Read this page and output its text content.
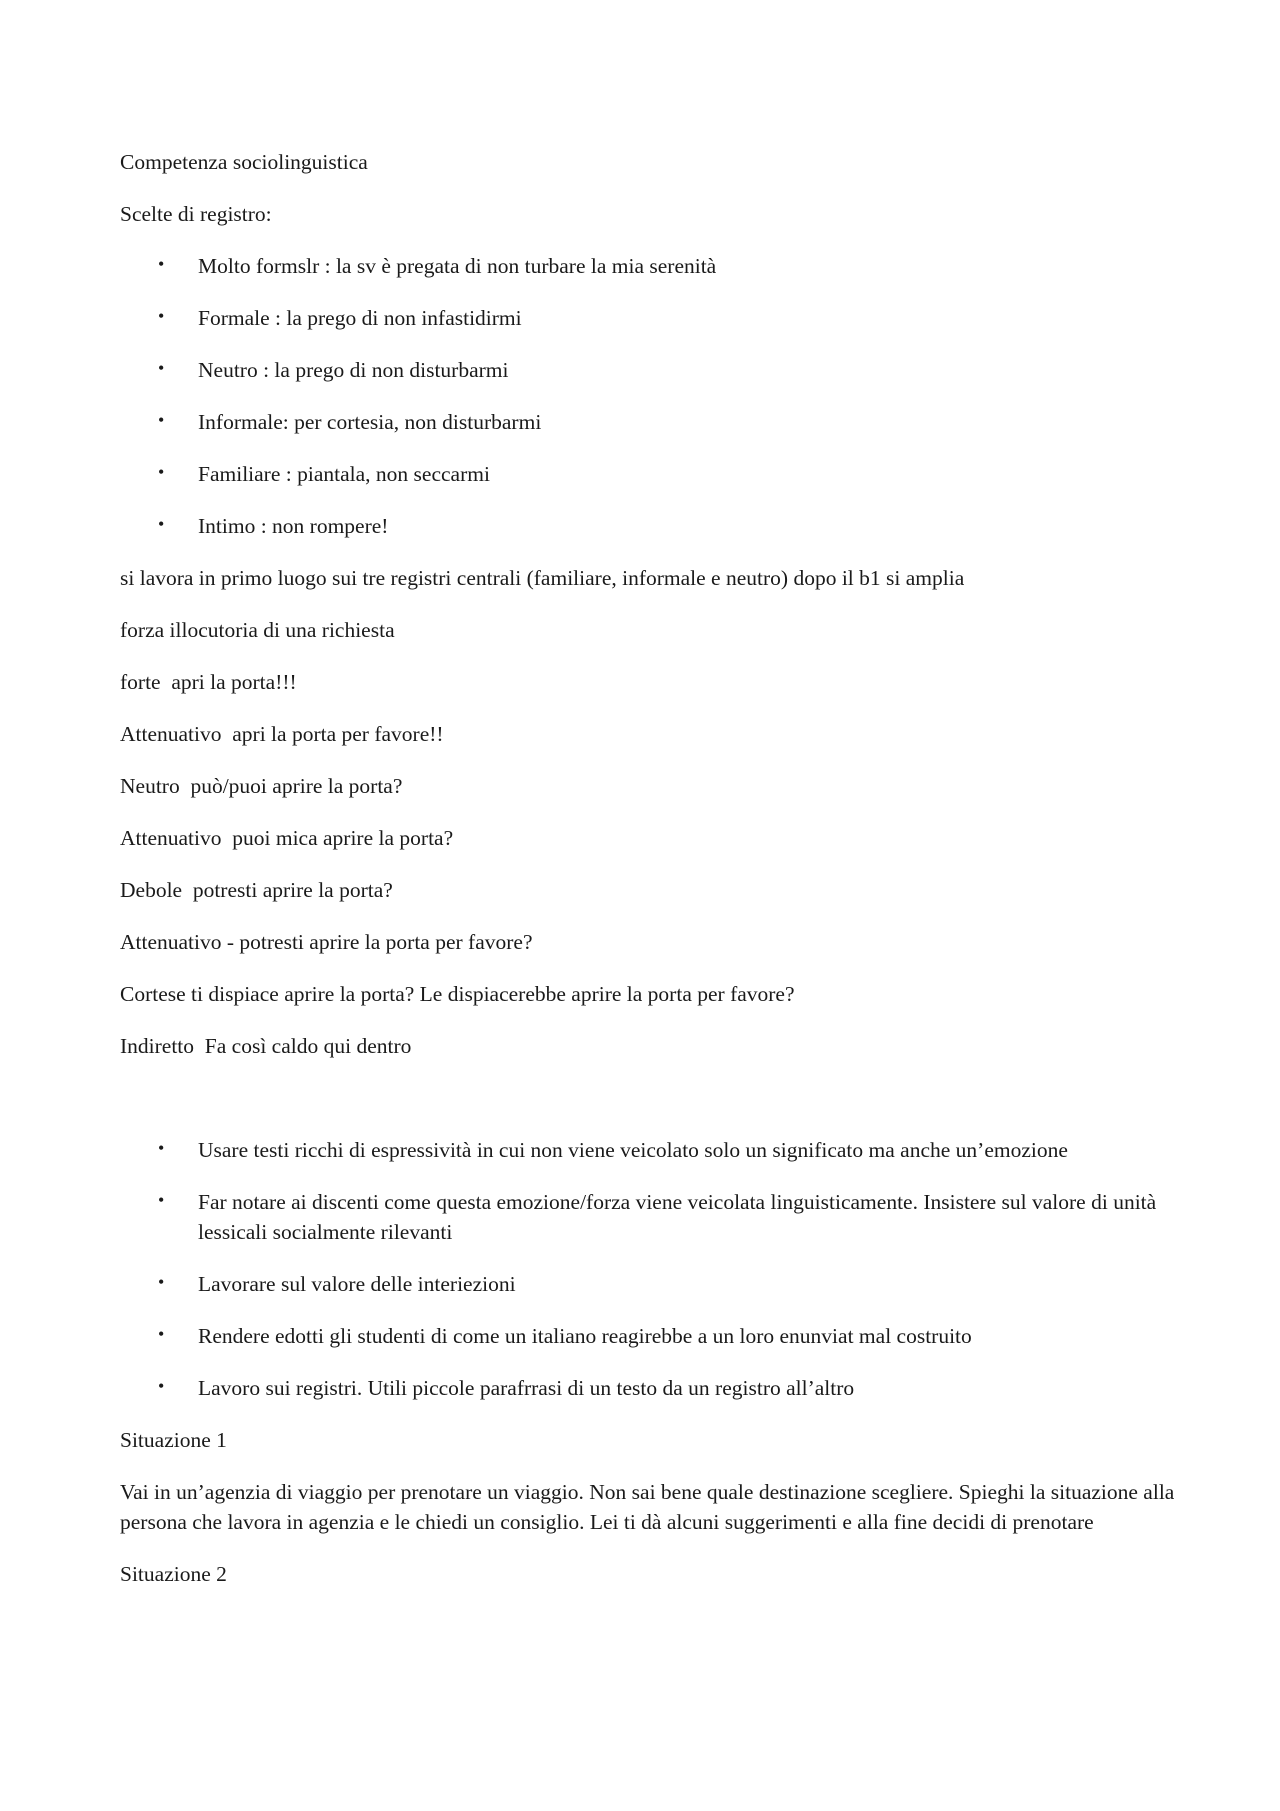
Competenza sociolinguistica

Scelte di registro:

• Molto formslr : la sv è pregata di non turbare la mia serenità
• Formale : la prego di non infastidirmi
• Neutro : la prego di non disturbarmi
• Informale: per cortesia, non disturbarmi
• Familiare : piantala, non seccarmi
• Intimo : non rompere!

si lavora in primo luogo sui tre registri centrali (familiare, informale e neutro) dopo il b1 si amplia

forza illocutoria di una richiesta

forte  apri la porta!!!

Attenuativo  apri la porta per favore!!

Neutro  può/puoi aprire la porta?

Attenuativo  puoi mica aprire la porta?

Debole  potresti aprire la porta?

Attenuativo - potresti aprire la porta per favore?

Cortese ti dispiace aprire la porta? Le dispiacerebbe aprire la porta per favore?

Indiretto  Fa così caldo qui dentro

• Usare testi ricchi di espressività in cui non viene veicolato solo un significato ma anche un’emozione
• Far notare ai discenti come questa emozione/forza viene veicolata linguisticamente. Insistere sul valore di unità lessicali socialmente rilevanti
• Lavorare sul valore delle interiezioni
• Rendere edotti gli studenti di come un italiano reagirebbe a un loro enunviat mal costruito
• Lavoro sui registri. Utili piccole parafrrasi di un testo da un registro all’altro

Situazione 1

Vai in un’agenzia di viaggio per prenotare un viaggio. Non sai bene quale destinazione scegliere. Spieghi la situazione alla persona che lavora in agenzia e le chiedi un consiglio. Lei ti dà alcuni suggerimenti e alla fine decidi di prenotare

Situazione 2
